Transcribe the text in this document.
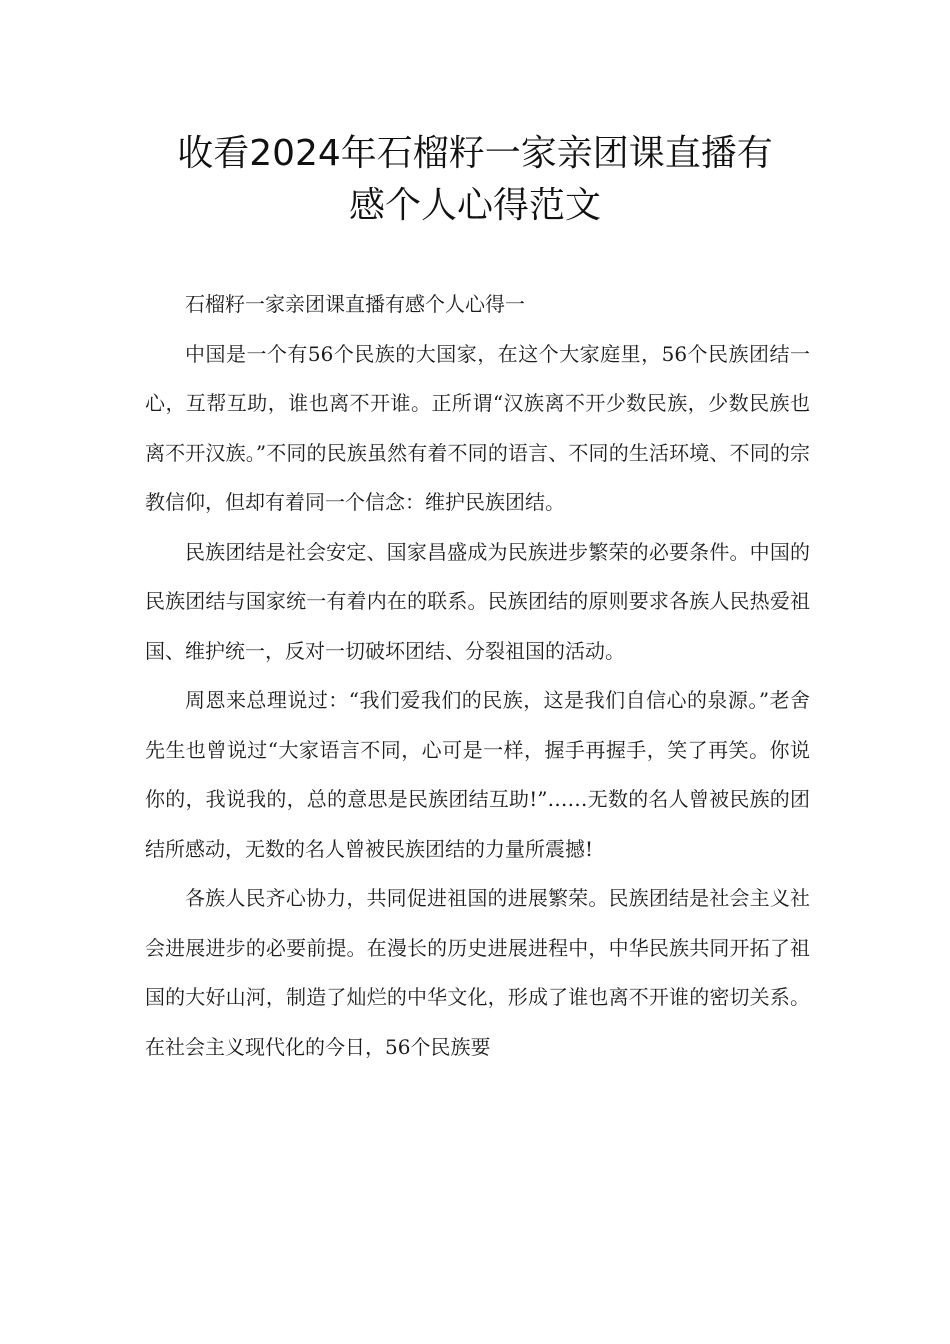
收看2024年石榴籽一家亲团课直播有
感个人心得范文

石榴籽一家亲团课直播有感个人心得一

中国是一个有56个民族的大国家，在这个大家庭里，56个民族团结一心，互帮互助，谁也离不开谁。正所谓“汉族离不开少数民族，少数民族也离不开汉族。”不同的民族虽然有着不同的语言、不同的生活环境、不同的宗教信仰，但却有着同一个信念：维护民族团结。

民族团结是社会安定、国家昌盛成为民族进步繁荣的必要条件。中国的民族团结与国家统一有着内在的联系。民族团结的原则要求各族人民热爱祖国、维护统一，反对一切破坏团结、分裂祖国的活动。

周恩来总理说过：“我们爱我们的民族，这是我们自信心的泉源。”老舍先生也曾说过“大家语言不同，心可是一样，握手再握手，笑了再笑。你说你的，我说我的，总的意思是民族团结互助!”……无数的名人曾被民族的团结所感动，无数的名人曾被民族团结的力量所震撼!

各族人民齐心协力，共同促进祖国的进展繁荣。民族团结是社会主义社会进展进步的必要前提。在漫长的历史进展进程中，中华民族共同开拓了祖国的大好山河，制造了灿烂的中华文化，形成了谁也离不开谁的密切关系。在社会主义现代化的今日，56个民族要
